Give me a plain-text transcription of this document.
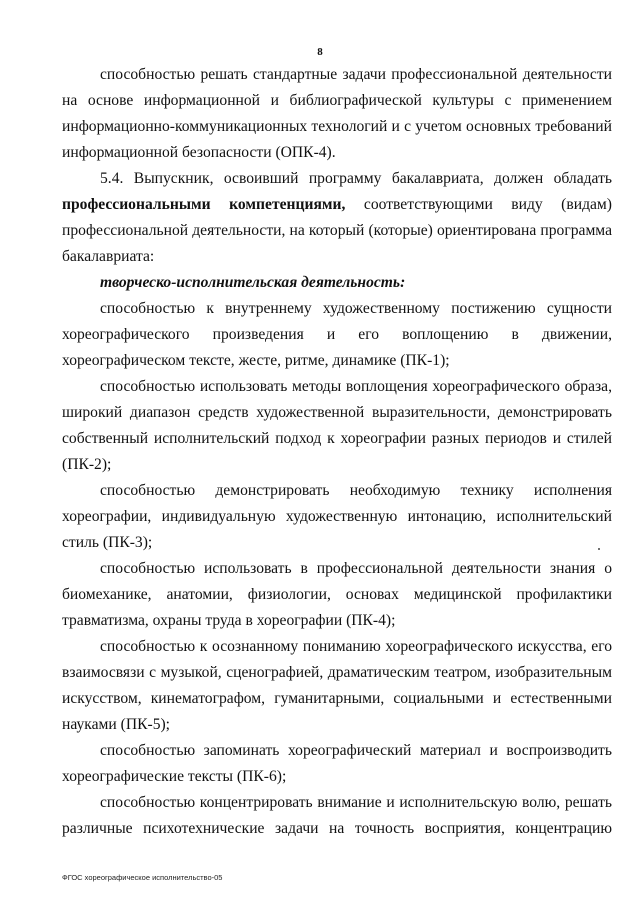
8

способностью решать стандартные задачи профессиональной деятельности на основе информационной и библиографической культуры с применением информационно-коммуникационных технологий и с учетом основных требований информационной безопасности (ОПК-4).

5.4. Выпускник, освоивший программу бакалавриата, должен обладать профессиональными компетенциями, соответствующими виду (видам) профессиональной деятельности, на который (которые) ориентирована программа бакалавриата:

творческо-исполнительская деятельность:

способностью к внутреннему художественному постижению сущности хореографического произведения и его воплощению в движении, хореографическом тексте, жесте, ритме, динамике (ПК-1);

способностью использовать методы воплощения хореографического образа, широкий диапазон средств художественной выразительности, демонстрировать собственный исполнительский подход к хореографии разных периодов и стилей (ПК-2);

способностью демонстрировать необходимую технику исполнения хореографии, индивидуальную художественную интонацию, исполнительский стиль (ПК-3);

способностью использовать в профессиональной деятельности знания о биомеханике, анатомии, физиологии, основах медицинской профилактики травматизма, охраны труда в хореографии (ПК-4);

способностью к осознанному пониманию хореографического искусства, его взаимосвязи с музыкой, сценографией, драматическим театром, изобразительным искусством, кинематографом, гуманитарными, социальными и естественными науками (ПК-5);

способностью запоминать хореографический материал и воспроизводить хореографические тексты (ПК-6);

способностью концентрировать внимание и исполнительскую волю, решать различные психотехнические задачи на точность восприятия, концентрацию

ФГОС хореографическое исполнительство-05
